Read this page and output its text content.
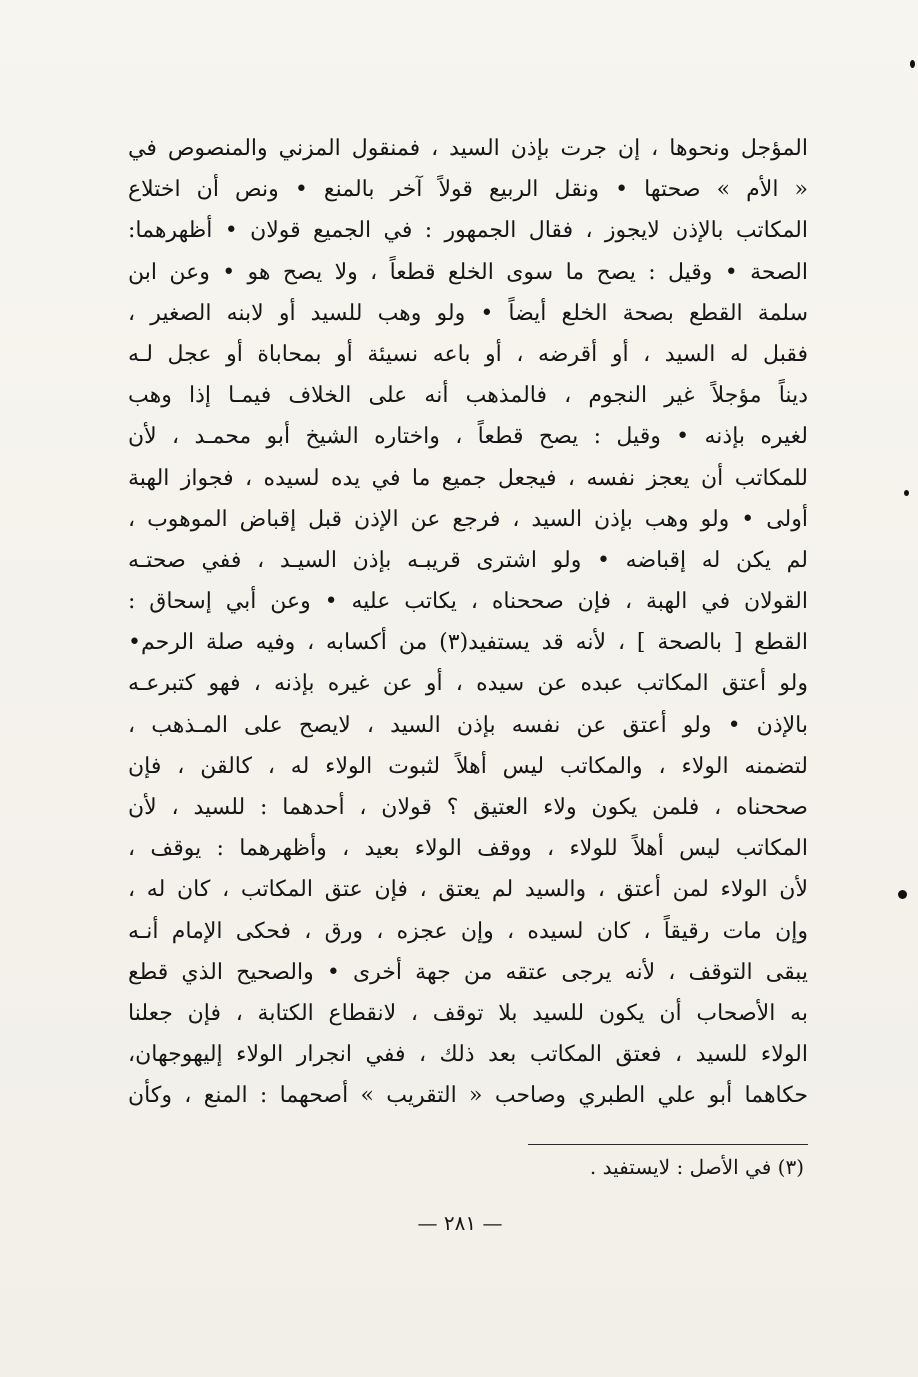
المؤجل ونحوها ، إن جرت بإذن السيد ، فمنقول المزني والمنصوص في
« الأم » صحتها • ونقل الربيع قولاً آخر بالمنع • ونص أن اختلاع
المكاتب بالإذن لايجوز ، فقال الجمهور : في الجميع قولان • أظهرهما:
الصحة • وقيل : يصح ما سوى الخلع قطعاً ، ولا يصح هو • وعن ابن
سلمة القطع بصحة الخلع أيضاً • ولو وهب للسيد أو لابنه الصغير ،
فقبل له السيد ، أو أقرضه ، أو باعه نسيئة أو بمحاباة أو عجل لـه
ديناً مؤجلاً غير النجوم ، فالمذهب أنه على الخلاف فيمـا إذا وهب
لغيره بإذنه • وقيل : يصح قطعاً ، واختاره الشيخ أبو محمـد ، لأن
للمكاتب أن يعجز نفسه ، فيجعل جميع ما في يده لسيده ، فجواز الهبة
أولى • ولو وهب بإذن السيد ، فرجع عن الإذن قبل إقباض الموهوب ،
لم يكن له إقباضه • ولو اشترى قريبـه بإذن السيـد ، ففي صحتـه
القولان في الهبة ، فإن صححناه ، يكاتب عليه • وعن أبي إسحاق :
القطع [ بالصحة ] ، لأنه قد يستفيد(٣) من أكسابه ، وفيه صلة الرحم•
ولو أعتق المكاتب عبده عن سيده ، أو عن غيره بإذنه ، فهو كتبرعـه
بالإذن • ولو أعتق عن نفسه بإذن السيد ، لايصح على المـذهب ،
لتضمنه الولاء ، والمكاتب ليس أهلاً لثبوت الولاء له ، كالقن ، فإن
صححناه ، فلمن يكون ولاء العتيق ؟ قولان ، أحدهما : للسيد ، لأن
المكاتب ليس أهلاً للولاء ، ووقف الولاء بعيد ، وأظهرهما : يوقف ،
لأن الولاء لمن أعتق ، والسيد لم يعتق ، فإن عتق المكاتب ، كان له ،
وإن مات رقيقاً ، كان لسيده ، وإن عجزه ، ورق ، فحكى الإمام أنـه
يبقى التوقف ، لأنه يرجى عتقه من جهة أخرى • والصحيح الذي قطع
به الأصحاب أن يكون للسيد بلا توقف ، لانقطاع الكتابة ، فإن جعلنا
الولاء للسيد ، فعتق المكاتب بعد ذلك ، ففي انجرار الولاء إليهوجهان،
حكاهما أبو علي الطبري وصاحب « التقريب » أصحهما : المنع ، وكأن
(٣) في الأصل : لايستفيد .
— ٢٨١ —
